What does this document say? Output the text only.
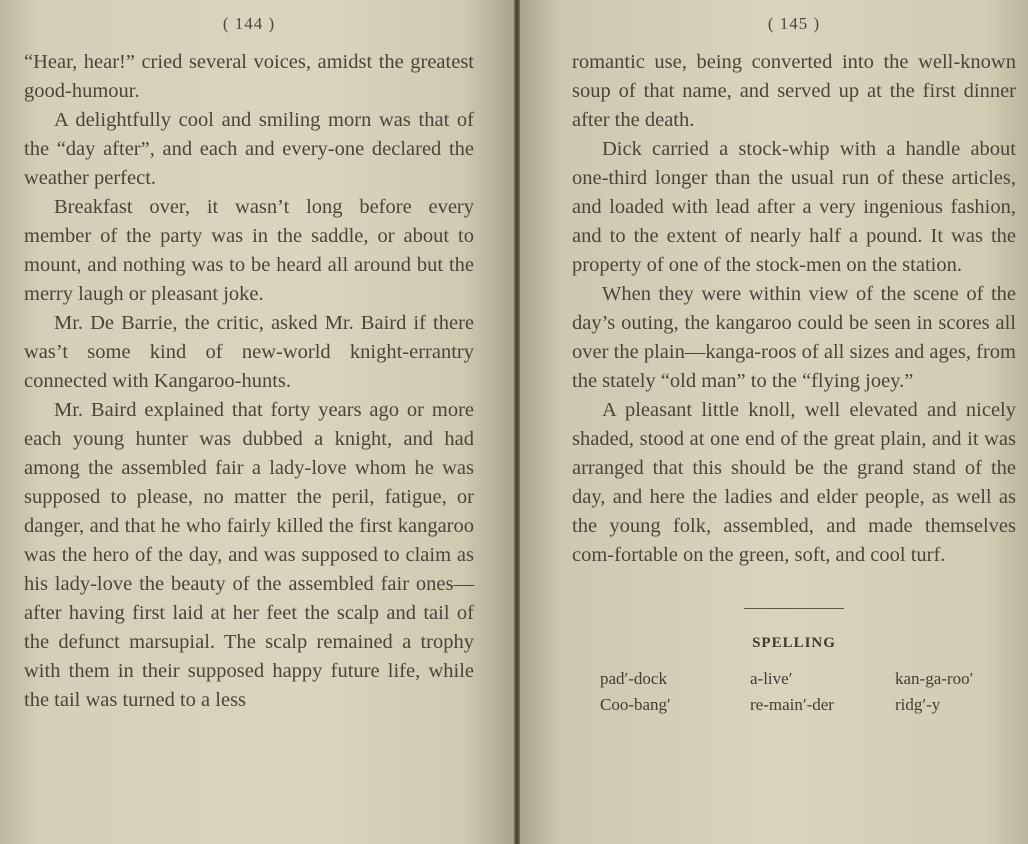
( 144 )

“Hear, hear!” cried several voices, amidst the greatest good-humour.

A delightfully cool and smiling morn was that of the “day after”, and each and every-one declared the weather perfect.

Breakfast over, it wasn’t long before every member of the party was in the saddle, or about to mount, and nothing was to be heard all around but the merry laugh or pleasant joke.

Mr. De Barrie, the critic, asked Mr. Baird if there was’t some kind of new-world knight-errantry connected with Kangaroo-hunts.

Mr. Baird explained that forty years ago or more each young hunter was dubbed a knight, and had among the assembled fair a lady-love whom he was supposed to please, no matter the peril, fatigue, or danger, and that he who fairly killed the first kangaroo was the hero of the day, and was supposed to claim as his lady-love the beauty of the assembled fair ones—after having first laid at her feet the scalp and tail of the defunct marsupial. The scalp remained a trophy with them in their supposed happy future life, while the tail was turned to a less

( 145 )

romantic use, being converted into the well-known soup of that name, and served up at the first dinner after the death.

Dick carried a stock-whip with a handle about one-third longer than the usual run of these articles, and loaded with lead after a very ingenious fashion, and to the extent of nearly half a pound. It was the property of one of the stock-men on the station.

When they were within view of the scene of the day’s outing, the kangaroo could be seen in scores all over the plain—kanga-roos of all sizes and ages, from the stately “old man” to the “flying joey.”

A pleasant little knoll, well elevated and nicely shaded, stood at one end of the great plain, and it was arranged that this should be the grand stand of the day, and here the ladies and elder people, as well as the young folk, assembled, and made themselves com-fortable on the green, soft, and cool turf.

SPELLING
pad′-dock	a-live′	kan-ga-roo′
Coo-bang′	re-main′-der	ridg′-y
